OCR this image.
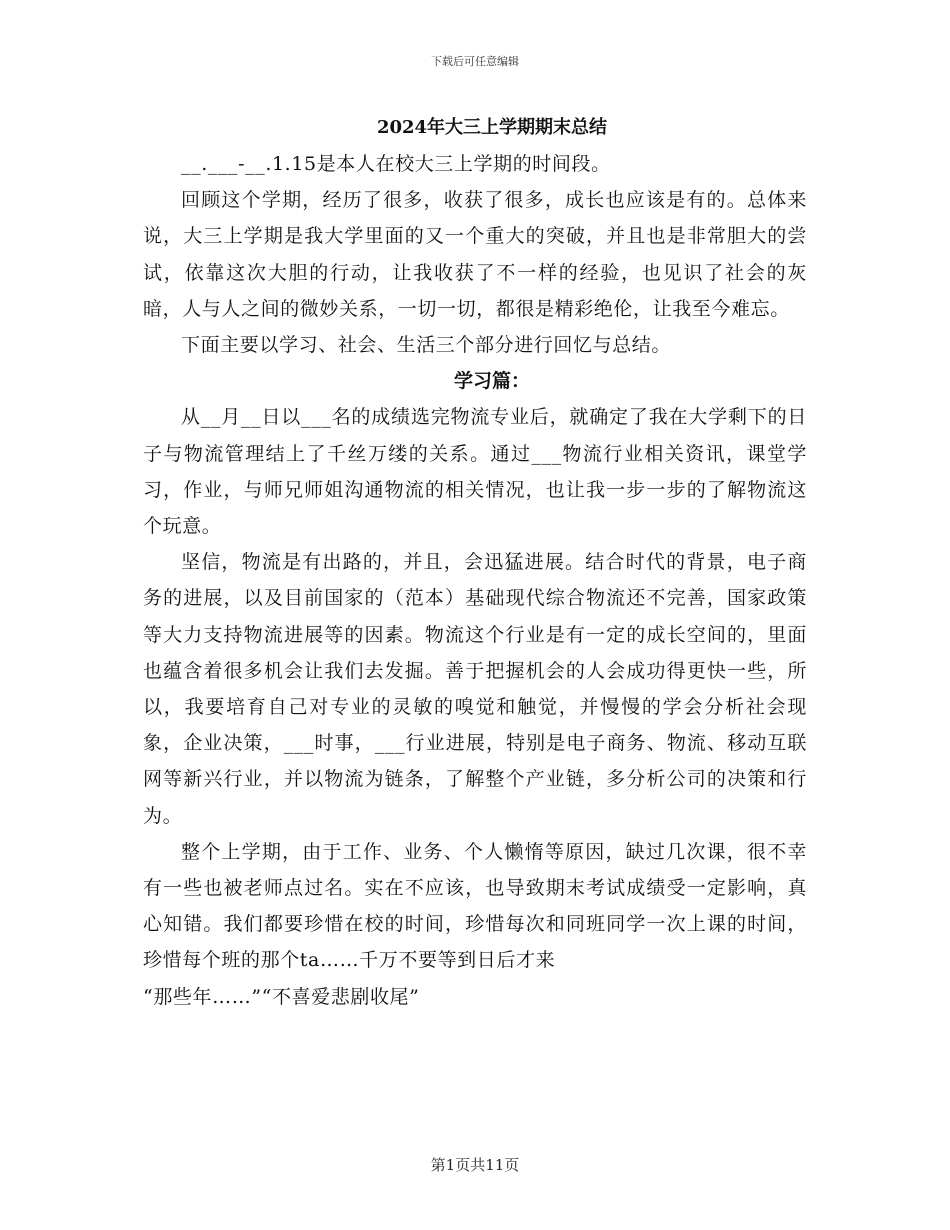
下载后可任意编辑
2024年大三上学期期末总结

__.___-__.1.15是本人在校大三上学期的时间段。

回顾这个学期，经历了很多，收获了很多，成长也应该是有的。总体来说，大三上学期是我大学里面的又一个重大的突破，并且也是非常胆大的尝试，依靠这次大胆的行动，让我收获了不一样的经验，也见识了社会的灰暗，人与人之间的微妙关系，一切一切，都很是精彩绝伦，让我至今难忘。

下面主要以学习、社会、生活三个部分进行回忆与总结。

学习篇：

从__月__日以___名的成绩选完物流专业后，就确定了我在大学剩下的日子与物流管理结上了千丝万缕的关系。通过___物流行业相关资讯，课堂学习，作业，与师兄师姐沟通物流的相关情况，也让我一步一步的了解物流这个玩意。

坚信，物流是有出路的，并且，会迅猛进展。结合时代的背景，电子商务的进展，以及目前国家的（范本）基础现代综合物流还不完善，国家政策等大力支持物流进展等的因素。物流这个行业是有一定的成长空间的，里面也蕴含着很多机会让我们去发掘。善于把握机会的人会成功得更快一些，所以，我要培育自己对专业的灵敏的嗅觉和触觉，并慢慢的学会分析社会现象，企业决策，___时事，___行业进展，特别是电子商务、物流、移动互联网等新兴行业，并以物流为链条，了解整个产业链，多分析公司的决策和行为。

整个上学期，由于工作、业务、个人懒惰等原因，缺过几次课，很不幸有一些也被老师点过名。实在不应该，也导致期末考试成绩受一定影响，真心知错。我们都要珍惜在校的时间，珍惜每次和同班同学一次上课的时间，珍惜每个班的那个ta……千万不要等到日后才来

“那些年……”“不喜爱悲剧收尾”

第1页共11页
